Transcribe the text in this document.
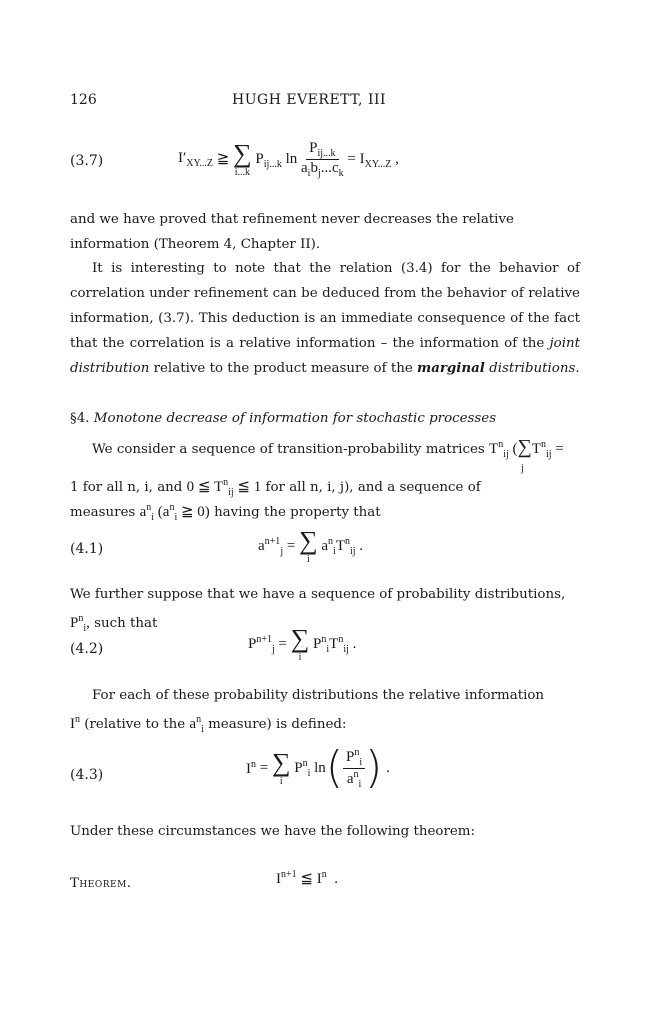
126	HUGH EVERETT, III
(3.7)	$I'_{XY...Z}$ ≧ ∑
i...k
$P_{ij...k}$ $\ln \frac{P_{ij...k}}{a_ib_j...c_k} = I_{XY...Z}$ ,
and we have proved that refinement never decreases the relative information (Theorem 4, Chapter II).
It is interesting to note that the relation (3.4) for the behavior of correlation under refinement can be deduced from the behavior of relative information, (3.7). This deduction is an immediate consequence of the fact that the correlation is a relative information – the information of the joint distribution relative to the product measure of the marginal distributions.
§4. Monotone decrease of information for stochastic processes
We consider a sequence of transition-probability matrices $T^n_{ij}$ ($\sum T^n_{ij}$ =
j
1 for all n, i, and 0 ≦ $T^n_{ij}$ ≦ 1 for all n, i, j), and a sequence of
measures $a^n_i$ ($a^n_i$ ≧ 0) having the property that
(4.1)	$a^{n+1}_j$ = ∑
i
$a^n_iT^n_{ij}$ .
We further suppose that we have a sequence of probability distributions,
$P^n_i$, such that
(4.2)	$P^{n+1}_j$ = ∑
i
$P^n_iT^n_{ij}$ .
For each of these probability distributions the relative information
$I^n$ (relative to the $a^n_i$ measure) is defined:
(4.3)	$I^n$ =
∑
i
$P^n_i$ ln ( $\frac{P^n_i}{a^n_i}$ ) .
Under these circumstances we have the following theorem:
Theorem.	$I^{n+1}$ ≦ $I^n$ .
